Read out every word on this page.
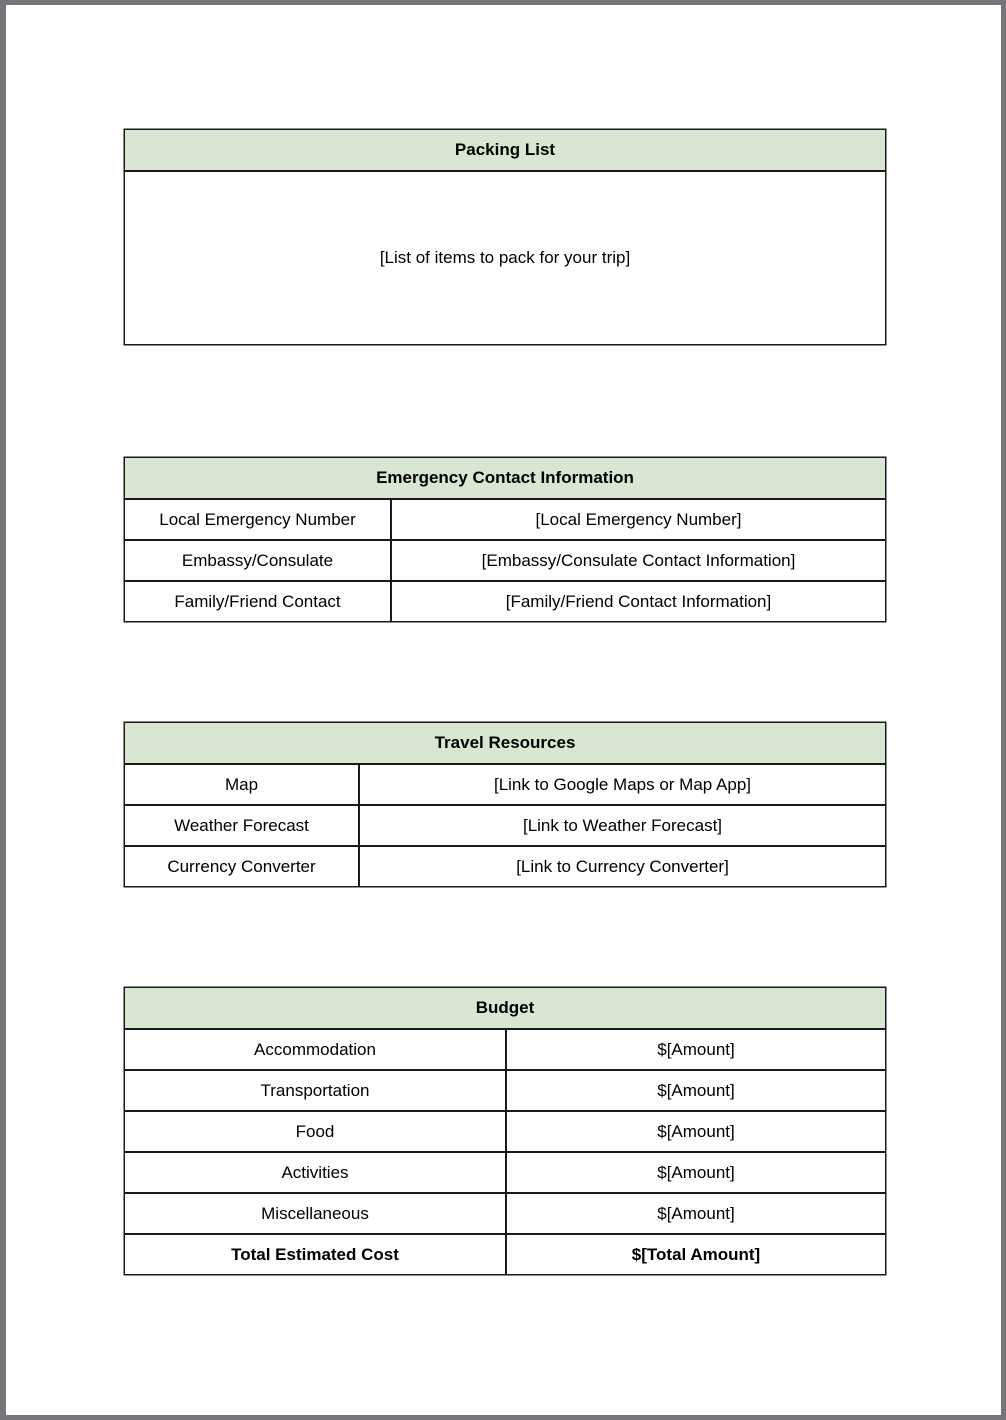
Packing List
[List of items to pack for your trip]
Emergency Contact Information	
Local Emergency Number	[Local Emergency Number]
Embassy/Consulate	[Embassy/Consulate Contact Information]
Family/Friend Contact	[Family/Friend Contact Information]
Travel Resources	
Map	[Link to Google Maps or Map App]
Weather Forecast	[Link to Weather Forecast]
Currency Converter	[Link to Currency Converter]
Budget	
Accommodation	$[Amount]
Transportation	$[Amount]
Food	$[Amount]
Activities	$[Amount]
Miscellaneous	$[Amount]
Total Estimated Cost	$[Total Amount]
